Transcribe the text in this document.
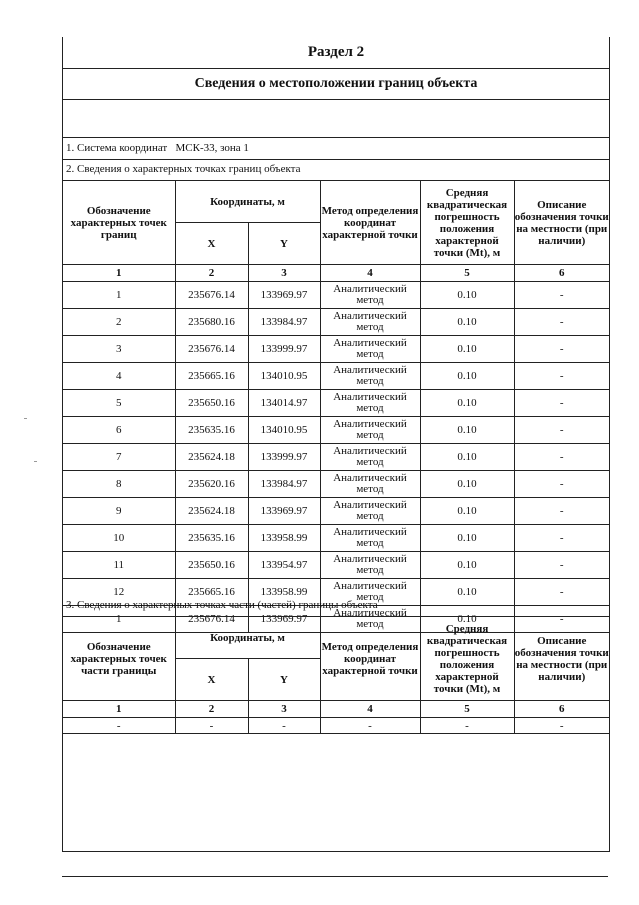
Раздел 2
Сведения о местоположении границ объекта
1. Система координат МСК-33, зона 1
2. Сведения о характерных точках границ объекта
Обозначение характерных точек границ	Координаты, м		Метод определения координат характерной точки	Средняя квадратическая погрешность положения характерной точки (Mt), м	Описание обозначения точки на местности (при наличии)
	X	Y			
1	2	3	4	5	6
1	235676.14	133969.97	Аналитический метод	0.10	-
2	235680.16	133984.97	Аналитический метод	0.10	-
3	235676.14	133999.97	Аналитический метод	0.10	-
4	235665.16	134010.95	Аналитический метод	0.10	-
5	235650.16	134014.97	Аналитический метод	0.10	-
6	235635.16	134010.95	Аналитический метод	0.10	-
7	235624.18	133999.97	Аналитический метод	0.10	-
8	235620.16	133984.97	Аналитический метод	0.10	-
9	235624.18	133969.97	Аналитический метод	0.10	-
10	235635.16	133958.99	Аналитический метод	0.10	-
11	235650.16	133954.97	Аналитический метод	0.10	-
12	235665.16	133958.99	Аналитический метод	0.10	-
1	235676.14	133969.97	Аналитический метод	0.10	-
3. Сведения о характерных точках части (частей) границы объекта
Обозначение характерных точек части границы	Координаты, м		Метод определения координат характерной точки	Средняя квадратическая погрешность положения характерной точки (Mt), м	Описание обозначения точки на местности (при наличии)
	X	Y			
1	2	3	4	5	6
-	-	-	-	-	-
